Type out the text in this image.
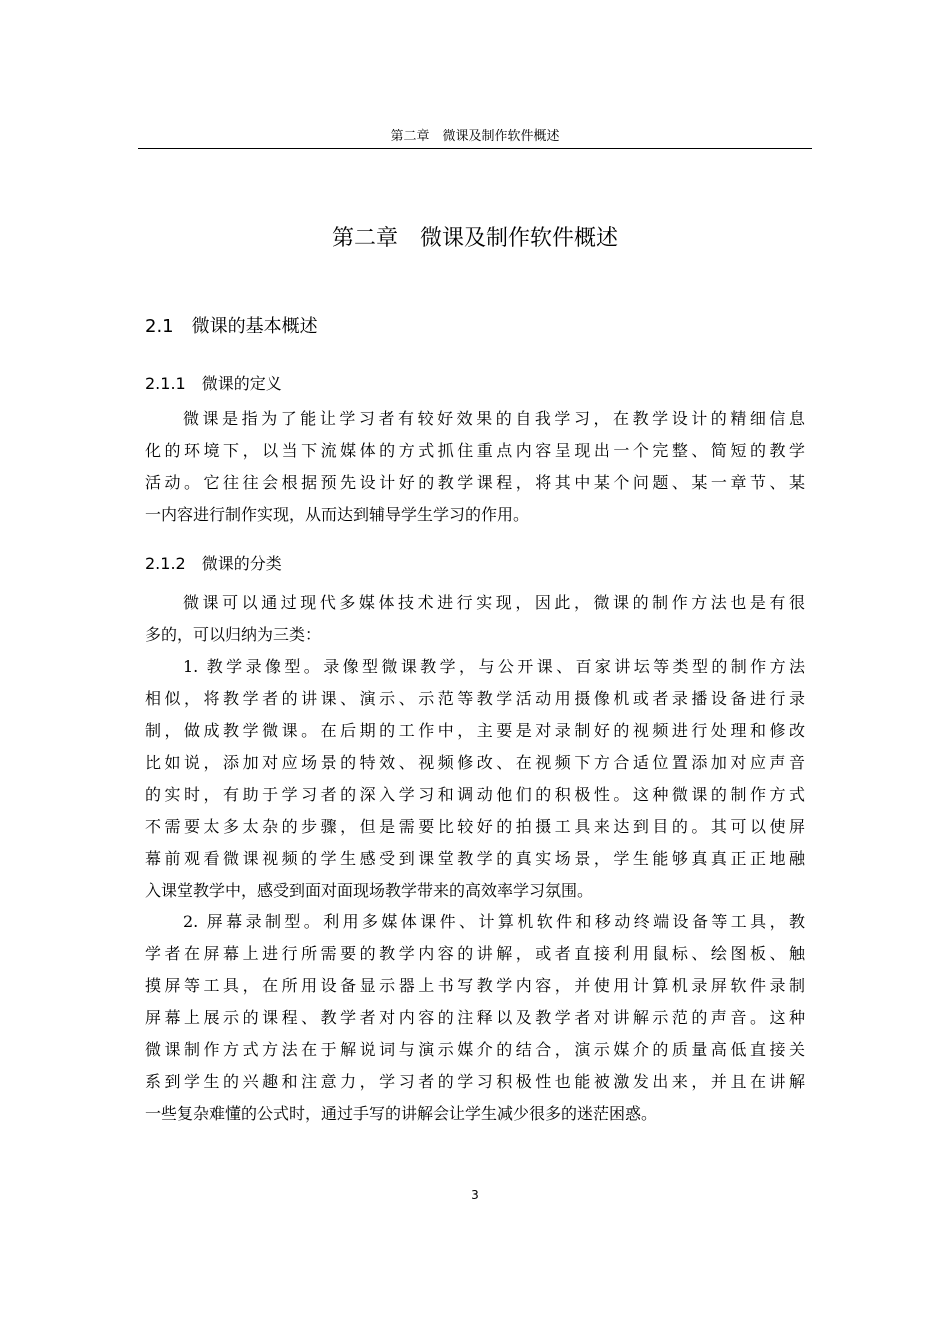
第二章　微课及制作软件概述
第二章　微课及制作软件概述
2.1　微课的基本概述
2.1.1　微课的定义
微课是指为了能让学习者有较好效果的自我学习，在教学设计的精细信息
化的环境下，以当下流媒体的方式抓住重点内容呈现出一个完整、简短的教学
活动。它往往会根据预先设计好的教学课程，将其中某个问题、某一章节、某
一内容进行制作实现，从而达到辅导学生学习的作用。
2.1.2　微课的分类
微课可以通过现代多媒体技术进行实现，因此，微课的制作方法也是有很
多的，可以归纳为三类：
1. 教学录像型。录像型微课教学，与公开课、百家讲坛等类型的制作方法
相似，将教学者的讲课、演示、示范等教学活动用摄像机或者录播设备进行录
制，做成教学微课。在后期的工作中，主要是对录制好的视频进行处理和修改
比如说，添加对应场景的特效、视频修改、在视频下方合适位置添加对应声音
的实时，有助于学习者的深入学习和调动他们的积极性。这种微课的制作方式
不需要太多太杂的步骤，但是需要比较好的拍摄工具来达到目的。其可以使屏
幕前观看微课视频的学生感受到课堂教学的真实场景，学生能够真真正正地融
入课堂教学中，感受到面对面现场教学带来的高效率学习氛围。
2. 屏幕录制型。利用多媒体课件、计算机软件和移动终端设备等工具，教
学者在屏幕上进行所需要的教学内容的讲解，或者直接利用鼠标、绘图板、触
摸屏等工具，在所用设备显示器上书写教学内容，并使用计算机录屏软件录制
屏幕上展示的课程、教学者对内容的注释以及教学者对讲解示范的声音。这种
微课制作方式方法在于解说词与演示媒介的结合，演示媒介的质量高低直接关
系到学生的兴趣和注意力，学习者的学习积极性也能被激发出来，并且在讲解
一些复杂难懂的公式时，通过手写的讲解会让学生减少很多的迷茫困惑。
3
